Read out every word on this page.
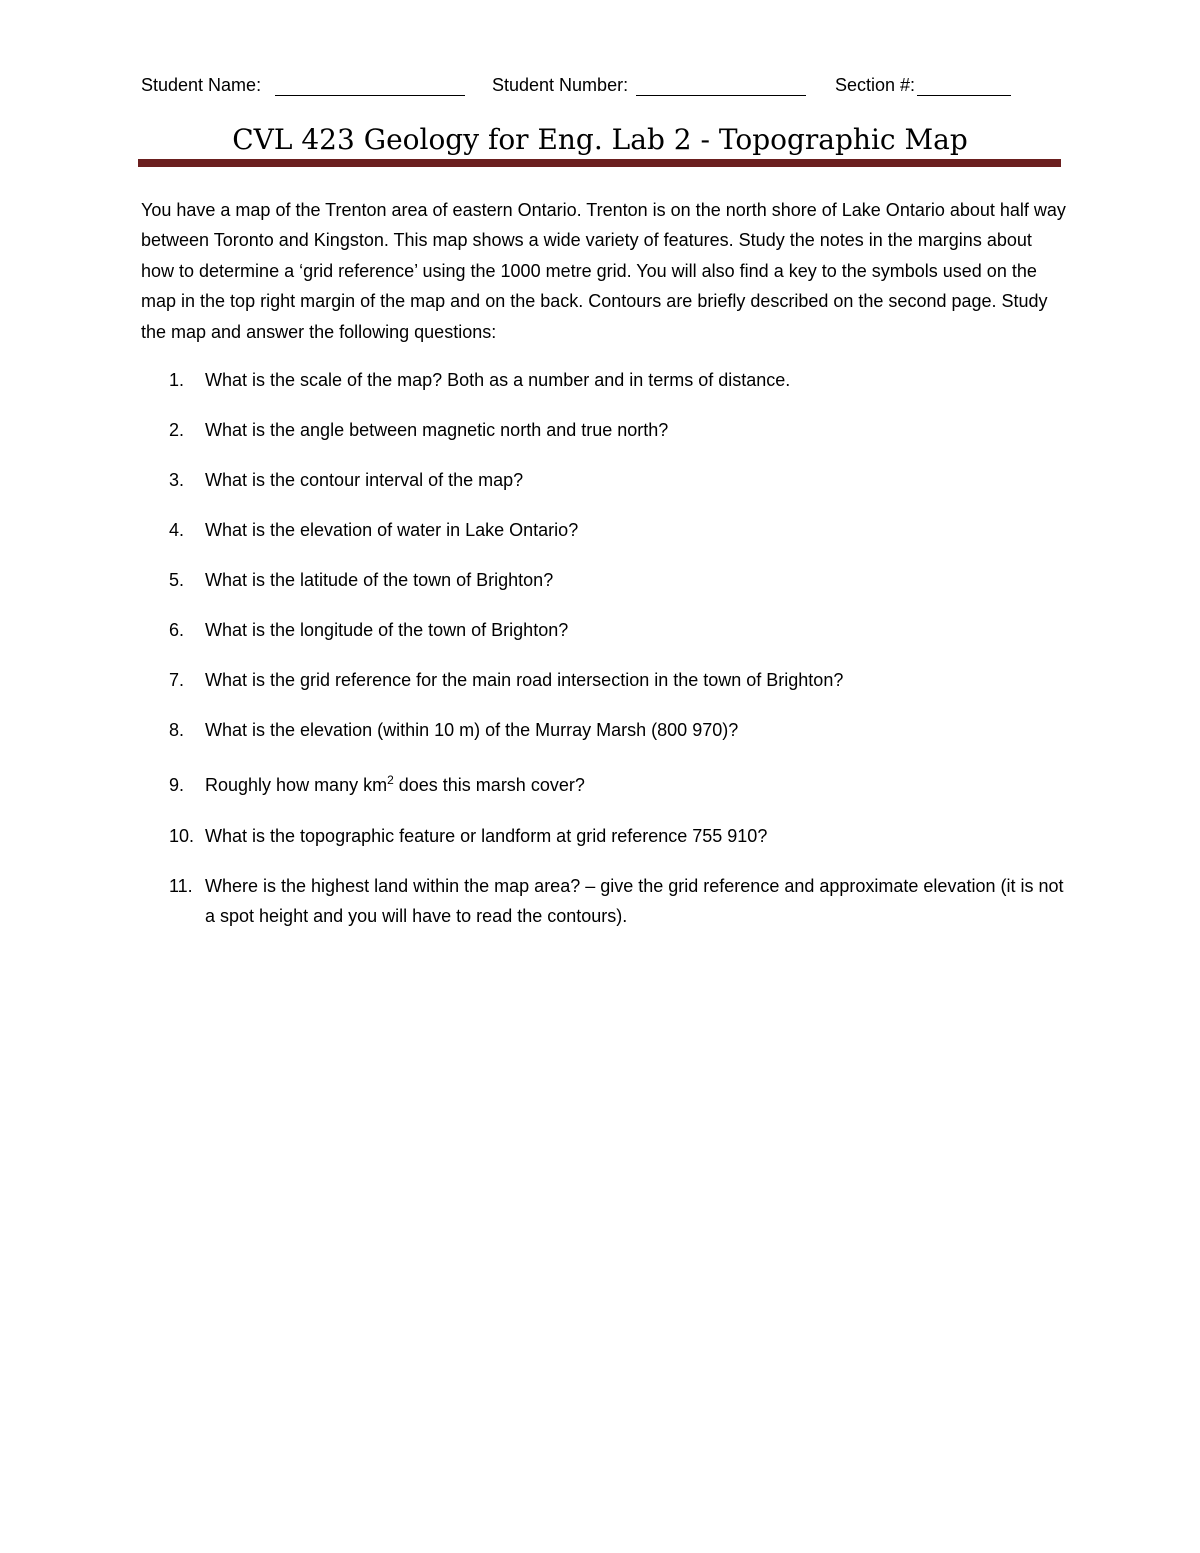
Student Name:	Student Number:	Section #:
CVL 423 Geology for Eng. Lab 2 - Topographic Map

You have a map of the Trenton area of eastern Ontario. Trenton is on the north shore of Lake Ontario about half way between Toronto and Kingston. This map shows a wide variety of features. Study the notes in the margins about how to determine a ‘grid reference’ using the 1000 metre grid. You will also find a key to the symbols used on the map in the top right margin of the map and on the back. Contours are briefly described on the second page. Study the map and answer the following questions:

1.	What is the scale of the map? Both as a number and in terms of distance.
2.	What is the angle between magnetic north and true north?
3.	What is the contour interval of the map?
4.	What is the elevation of water in Lake Ontario?
5.	What is the latitude of the town of Brighton?
6.	What is the longitude of the town of Brighton?
7.	What is the grid reference for the main road intersection in the town of Brighton?
8.	What is the elevation (within 10 m) of the Murray Marsh (800 970)?
9.	Roughly how many $km^2$ does this marsh cover?
10. What is the topographic feature or landform at grid reference 755 910?
11. Where is the highest land within the map area? – give the grid reference and approximate elevation (it is not a spot height and you will have to read the contours).
